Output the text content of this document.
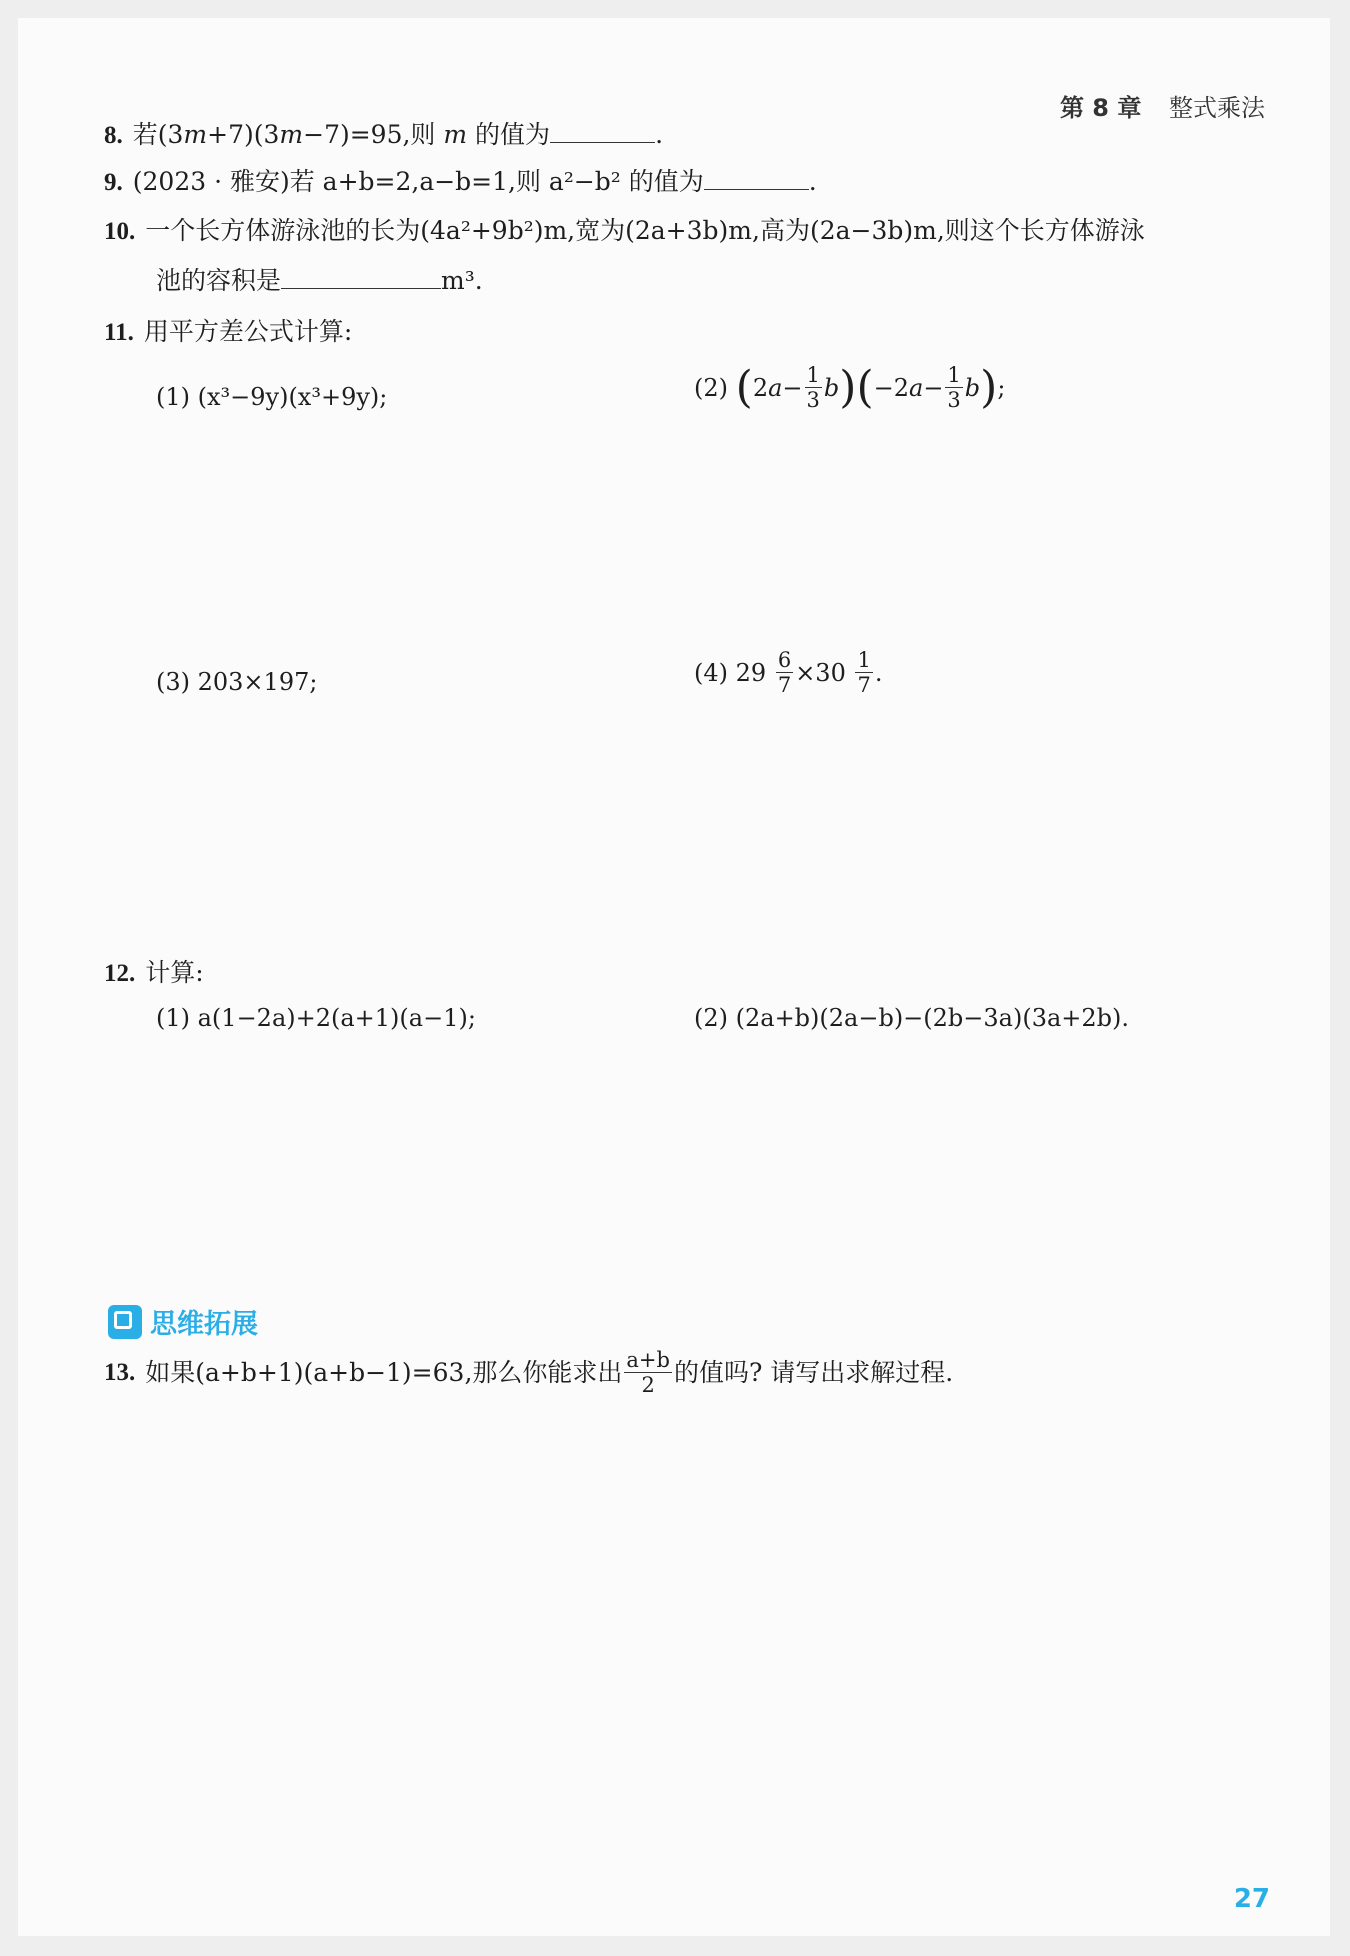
第 8 章 整式乘法
8. 若(3m+7)(3m−7)=95,则 m 的值为	.
9. (2023 · 雅安)若 a+b=2,a−b=1,则 a²−b² 的值为	.
10. 一个长方体游泳池的长为(4a²+9b²)m,宽为(2a+3b)m,高为(2a−3b)m,则这个长方体游泳
池的容积是	m³.
11. 用平方差公式计算:
(1) (x³−9y)(x³+9y);	(2)
( 2 $a - \frac{1}{3}$ b ) ( −2 $a - \frac{1}{3}$ b ) ;
(3) 203×197;	(4) 29
$\frac{6}{7} \times 30$
$\frac{1}{7}$ .
12. 计算:
(1) a(1−2a)+2(a+1)(a−1);	(2) (2a+b)(2a−b)−(2b−3a)(3a+2b).
思维拓展
13. 如果(a+b+1)(a+b−1)=63,那么你能求出 $\frac{a+b}{2}$ 的值吗? 请写出求解过程.
27
